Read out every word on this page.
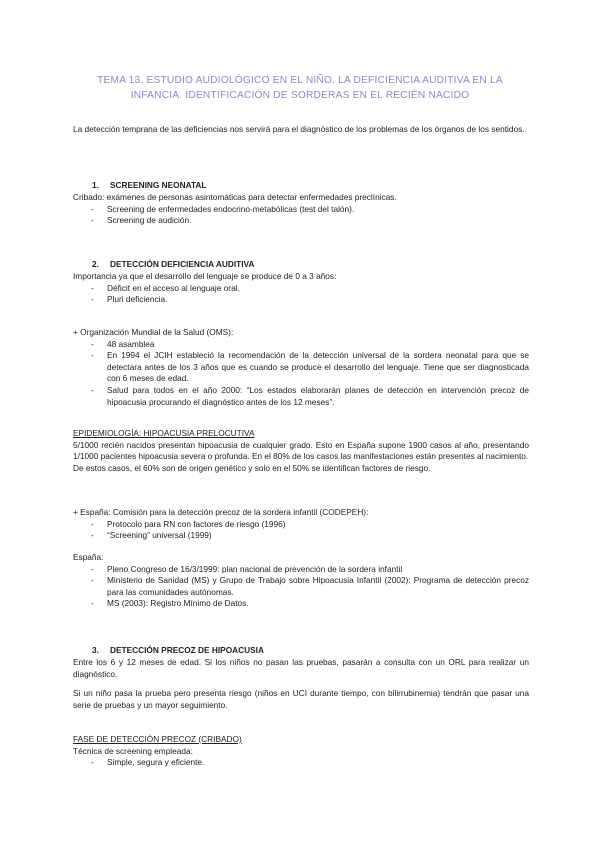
TEMA 13. ESTUDIO AUDIOLÓGICO EN EL NIÑO. LA DEFICIENCIA AUDITIVA EN LA
INFANCIA. IDENTIFICACIÓN DE SORDERAS EN EL RECIÉN NACIDO

La detección temprana de las deficiencias nos servirá para el diagnóstico de los problemas de los órganos de los sentidos.

1. SCREENING NEONATAL

Cribado: exámenes de personas asintomáticas para detectar enfermedades preclínicas.

- Screening de enfermedades endocrino-metabólicas (test del talón).
- Screening de audición.
2. DETECCIÓN DEFICIENCIA AUDITIVA

Importancia ya que el desarrollo del lenguaje se produce de 0 a 3 años:

- Déficit en el acceso al lenguaje oral.
- Pluri deficiencia.

+ Organización Mundial de la Salud (OMS):

- 48 asamblea
- En 1994 el JCIH estableció la recomendación de la detección universal de la sordera neonatal para que se detectara antes de los 3 años que es cuando se produce el desarrollo del lenguaje. Tiene que ser diagnosticada con 6 meses de edad.
- Salud para todos en el año 2000: “Los estados elaborarán planes de detección en intervención precoz de hipoacusia procurando el diagnóstico antes de los 12 meses”.

EPIDEMIOLOGÍA: HIPOACUSIA PRELOCUTIVA

5/1000 recién nacidos presentan hipoacusia de cualquier grado. Esto en España supone 1900 casos al año, presentando 1/1000 pacientes hipoacusia severa o profunda. En el 80% de los casos las manifestaciones están presentes al nacimiento.

De estos casos, el 60% son de origen genético y solo en el 50% se identifican factores de riesgo.

+ España: Comisión para la detección precoz de la sordera infantil (CODEPEH):

- Protocolo para RN con factores de riesgo (1996)
- “Screening” universal (1999)

España:

- Pleno Congreso de 16/3/1999: plan nacional de prevención de la sordera infantil
- Ministerio de Sanidad (MS) y Grupo de Trabajo sobre Hipoacusia Infantil (2002): Programa de detección precoz para las comunidades autónomas.
- MS (2003): Registro Mínimo de Datos.
3. DETECCIÓN PRECOZ DE HIPOACUSIA

Entre los 6 y 12 meses de edad. Si los niños no pasan las pruebas, pasarán a consulta con un ORL para realizar un diagnóstico.

Si un niño pasa la prueba pero presenta riesgo (niños en UCI durante tiempo, con bilirrubinemia) tendrán que pasar una serie de pruebas y un mayor seguimiento.

FASE DE DETECCIÓN PRECOZ (CRIBADO)

Técnica de screening empleada:

- Simple, segura y eficiente.
